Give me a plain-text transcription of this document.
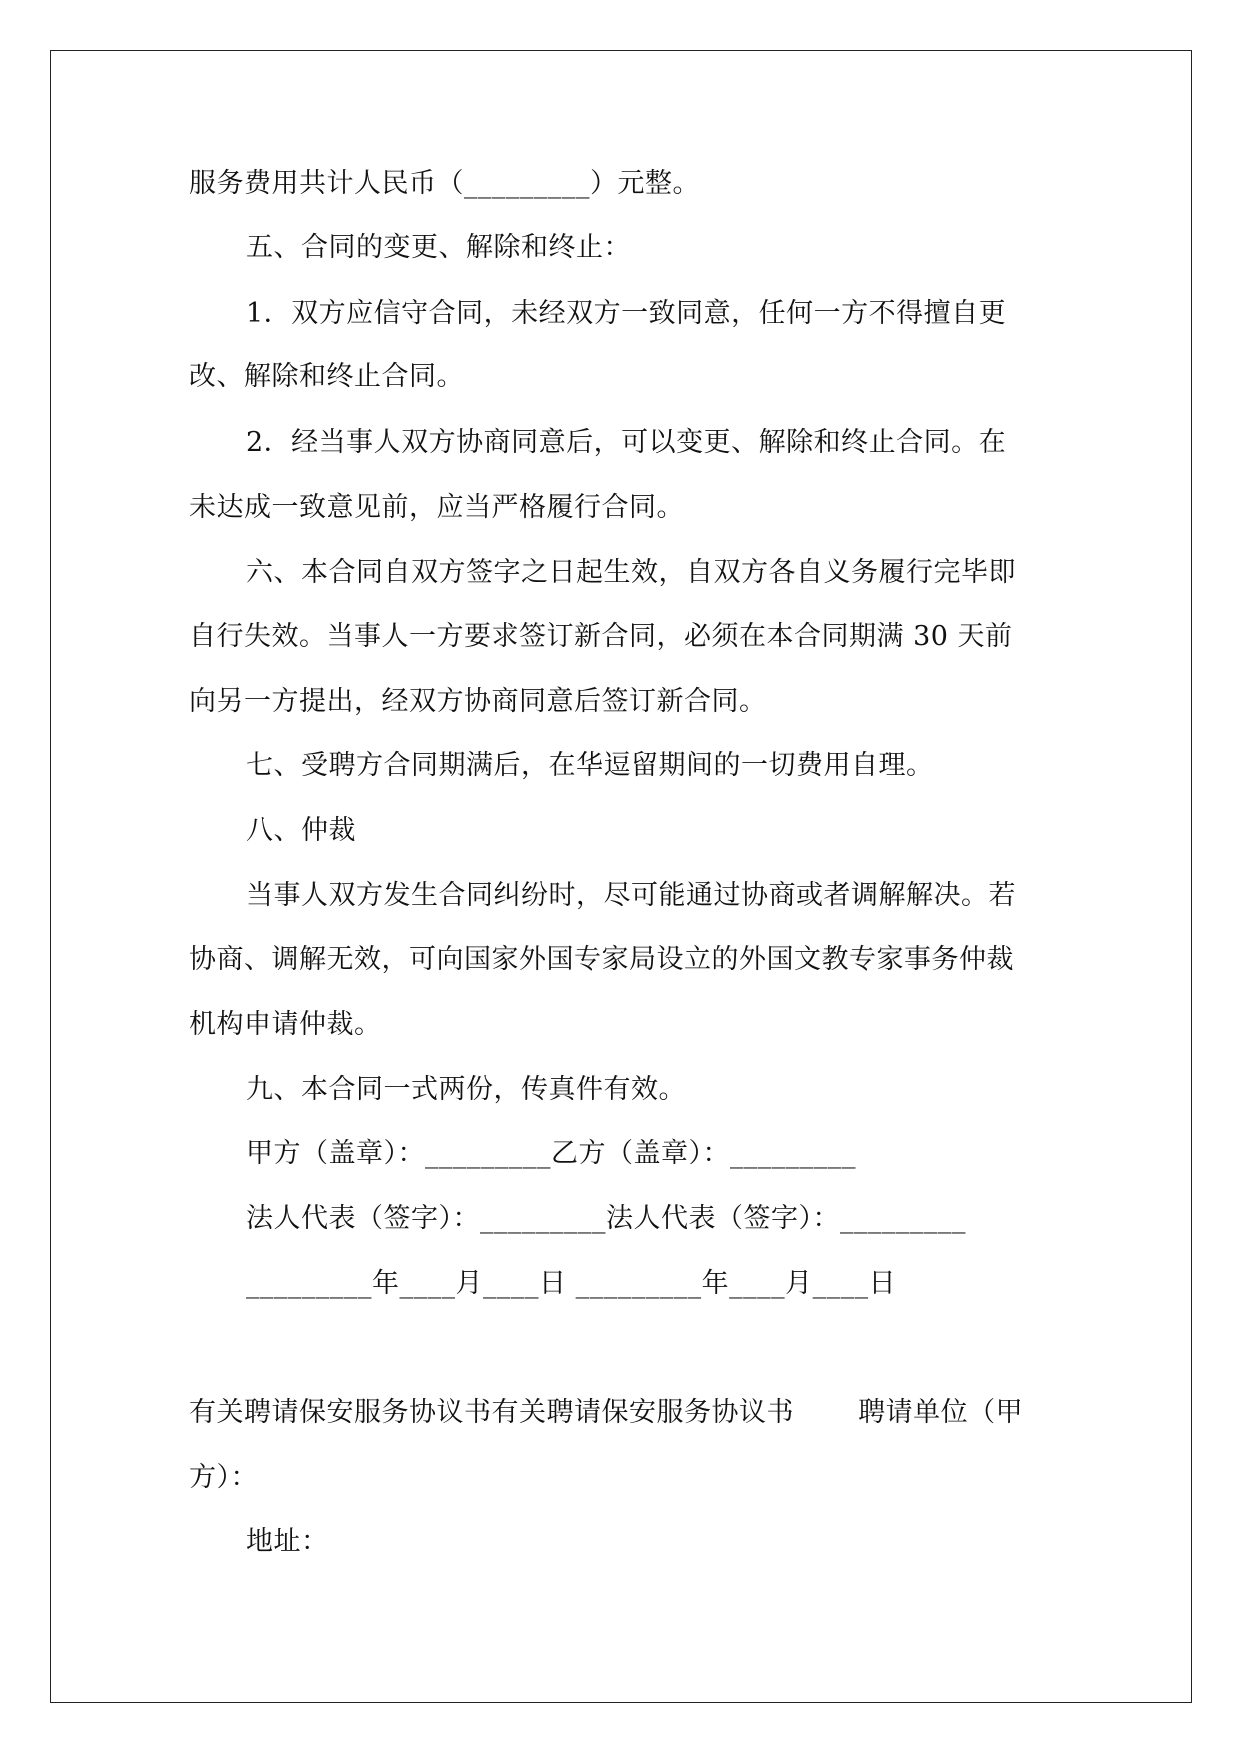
服务费用共计人民币（_________）元整。
五、合同的变更、解除和终止：
1．双方应信守合同，未经双方一致同意，任何一方不得擅自更
改、解除和终止合同。
2．经当事人双方协商同意后，可以变更、解除和终止合同。在
未达成一致意见前，应当严格履行合同。
六、本合同自双方签字之日起生效，自双方各自义务履行完毕即
自行失效。当事人一方要求签订新合同，必须在本合同期满 30 天前
向另一方提出，经双方协商同意后签订新合同。
七、受聘方合同期满后，在华逗留期间的一切费用自理。
八、仲裁
当事人双方发生合同纠纷时，尽可能通过协商或者调解解决。若
协商、调解无效，可向国家外国专家局设立的外国文教专家事务仲裁
机构申请仲裁。
九、本合同一式两份，传真件有效。
甲方（盖章）：_________乙方（盖章）：_________
法人代表（签字）：_________法人代表（签字）：_________
_________年____月____日 _________年____月____日
有关聘请保安服务协议书有关聘请保安服务协议书　　 聘请单位（甲
方）：
地址：
